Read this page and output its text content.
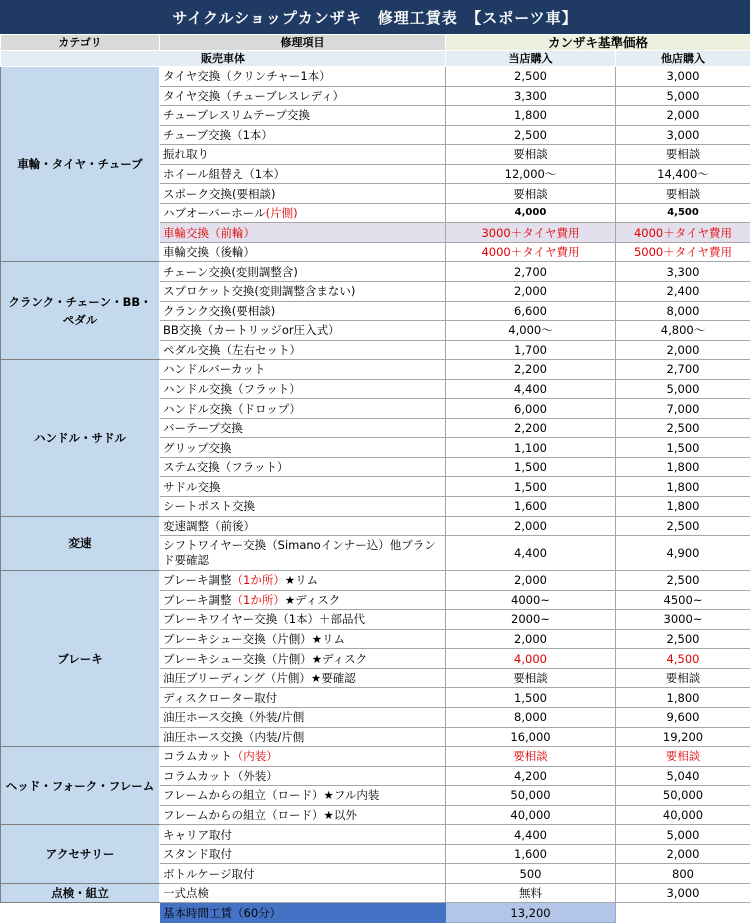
サイクルショップカンザキ　修理工賃表　【スポーツ車】
カテゴリ	修理項目	カンザキ基準価格	
販売車体		当店購入	他店購入
車輪・タイヤ・チューブ	タイヤ交換（クリンチャー1本）	2,500	3,000
	タイヤ交換（チューブレスレディ）	3,300	5,000
	チューブレスリムテープ交換	1,800	2,000
	チューブ交換（1本）	2,500	3,000
	振れ取り	要相談	要相談
	ホイール組替え（1本）	12,000～	14,400～
	スポーク交換(要相談)	要相談	要相談
	ハブオーバーホール(片側)	4,000	4,500
	車輪交換（前輪）	3000＋タイヤ費用	4000＋タイヤ費用
	車輪交換（後輪）	4000＋タイヤ費用	5000＋タイヤ費用
クランク・チェーン・BB・ペダル	チェーン交換(変則調整含)	2,700	3,300
	スプロケット交換(変則調整含まない)	2,000	2,400
	クランク交換(要相談)	6,600	8,000
	BB交換（カートリッジor圧入式）	4,000～	4,800～
	ペダル交換（左右セット）	1,700	2,000
ハンドル・サドル	ハンドルバーカット	2,200	2,700
	ハンドル交換（フラット）	4,400	5,000
	ハンドル交換（ドロップ）	6,000	7,000
	バーテープ交換	2,200	2,500
	グリップ交換	1,100	1,500
	ステム交換（フラット）	1,500	1,800
	サドル交換	1,500	1,800
	シートポスト交換	1,600	1,800
変速	変速調整（前後）	2,000	2,500
	シフトワイヤー交換（Simanoインナー込）他ブランド要確認	4,400	4,900
ブレーキ	ブレーキ調整（1か所）★リム	2,000	2,500
	ブレーキ調整（1か所）★ディスク	4000~	4500~
	ブレーキワイヤー交換（1本）＋部品代	2000~	3000~
	ブレーキシュー交換（片側）★リム	2,000	2,500
	ブレーキシュー交換（片側）★ディスク	4,000	4,500
	油圧ブリーディング（片側）★要確認	要相談	要相談
	ディスクローター取付	1,500	1,800
	油圧ホース交換（外装/片側	8,000	9,600
	油圧ホース交換（内装/片側	16,000	19,200
ヘッド・フォーク・フレーム	コラムカット（内装）	要相談	要相談
	コラムカット（外装）	4,200	5,040
	フレームからの組立（ロード）★フル内装	50,000	50,000
	フレームからの組立（ロード）★以外	40,000	40,000
アクセサリー	キャリア取付	4,400	5,000
	スタンド取付	1,600	2,000
	ボトルケージ取付	500	800
点検・組立	一式点検	無料	3,000
	基本時間工賃（60分）	13,200	
